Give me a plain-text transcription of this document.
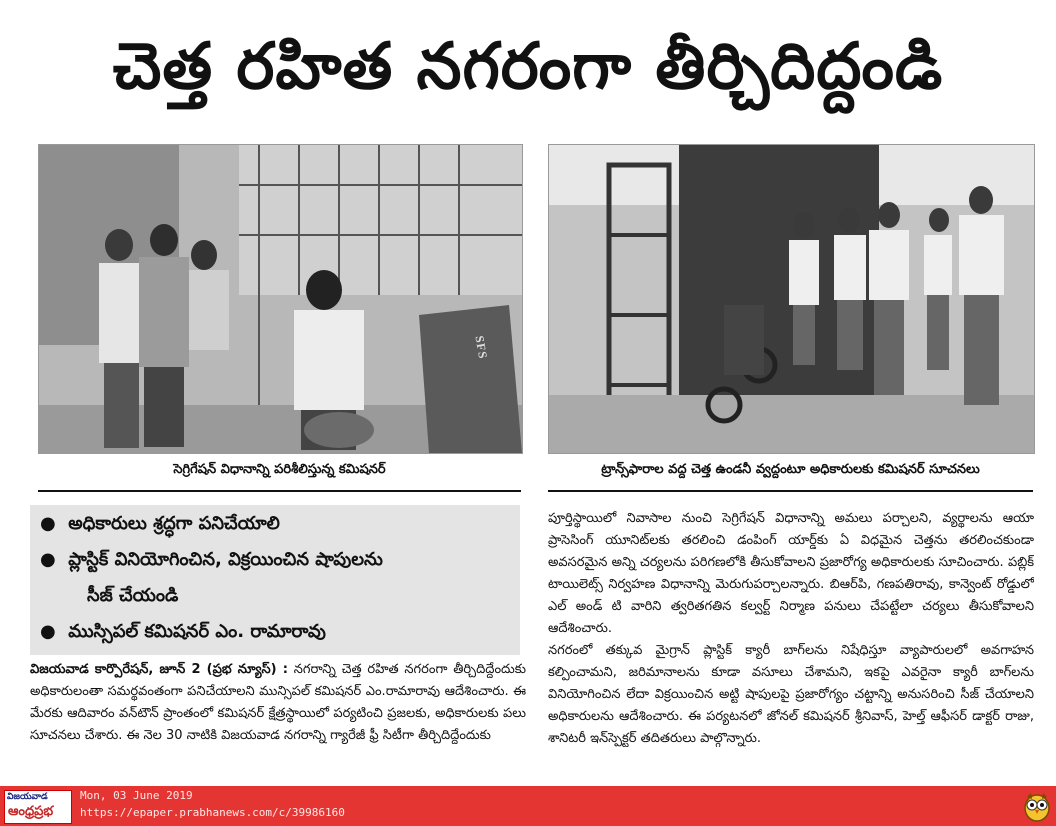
చెత్త రహిత నగరంగా తీర్చిదిద్దండి
SFS
సెగ్రిగేషన్ విధానాన్ని పరిశీలిస్తున్న కమిషనర్	ట్రాన్స్‌ఫారాల వద్ద చెత్త ఉండనీ వ్వద్దంటూ అధికారులకు కమిషనర్ సూచనలు
● అధికారులు శ్రద్ధగా పనిచేయాలి
● ప్లాస్టిక్ వినియోగించిన, విక్రయించిన షాపులను
సీజ్ చేయండి
● ముస్సిపల్ కమిషనర్ ఎం. రామారావు

విజయవాడ కార్పొరేషన్, జూన్ 2 (ప్రభ న్యూస్) : నగరాన్ని చెత్త రహిత నగరంగా తీర్చిదిద్దేందుకు అధికారులంతా సమర్థవంతంగా పనిచేయాలని మున్సిపల్ కమిషనర్ ఎం.రామారావు ఆదేశించారు. ఈ మేరకు ఆదివారం వన్‌టౌన్ ప్రాంతంలో కమిషనర్ క్షేత్రస్థాయిలో పర్యటించి ప్రజలకు, అధికారులకు పలు సూచనలు చేశారు. ఈ నెల 30 నాటికి విజయవాడ నగరాన్ని గ్యారేజీ ఫ్రీ సిటీగా తీర్చిదిద్దేందుకు

పూర్తిస్థాయిలో నివాసాల నుంచి సెగ్రిగేషన్ విధానాన్ని అమలు పర్చాలని, వ్యర్థాలను ఆయా ప్రాసెసింగ్ యూనిట్‌లకు తరలించి డంపింగ్ యార్డ్‌కు ఏ విధమైన చెత్తను తరలించకుండా అవసరమైన అన్ని చర్యలను పరిగణలోకి తీసుకోవాలని ప్రజారోగ్య అధికారులకు సూచించారు. పబ్లిక్ టాయిలెట్స్ నిర్వహణ విధానాన్ని మెరుగుపర్చాలన్నారు. బిఆర్‌పి, గణపతిరావు, కాన్వెంట్ రోడ్డులో ఎల్ అండ్ టి వారిని త్వరితగతిన కల్వర్ట్ నిర్మాణ పనులు చేపట్టేలా చర్యలు తీసుకోవాలని ఆదేశించారు.

నగరంలో తక్కువ మైగ్రాన్ ప్లాస్టిక్ క్యారీ బాగ్‌లను నిషేధిస్తూ వ్యాపారులలో అవగాహన కల్పించామని, జరిమానాలను కూడా వసూలు చేశామని, ఇకపై ఎవరైనా క్యారీ బాగ్‌లను వినియోగించిన లేదా విక్రయించిన అట్టి షాపులపై ప్రజారోగ్యం చట్టాన్ని అనుసరించి సీజ్ చేయాలని అధికారులను ఆదేశించారు. ఈ పర్యటనలో జోనల్ కమిషనర్ శ్రీనివాస్, హెల్త్ ఆఫీసర్ డాక్టర్ రాజు, శానిటరీ ఇన్‌స్పెక్టర్ తదితరులు పాల్గొన్నారు.

విజయవాడ
ఆంధ్రప్రభ
Mon, 03 June 2019
https://epaper.prabhanews.com/c/39986160
